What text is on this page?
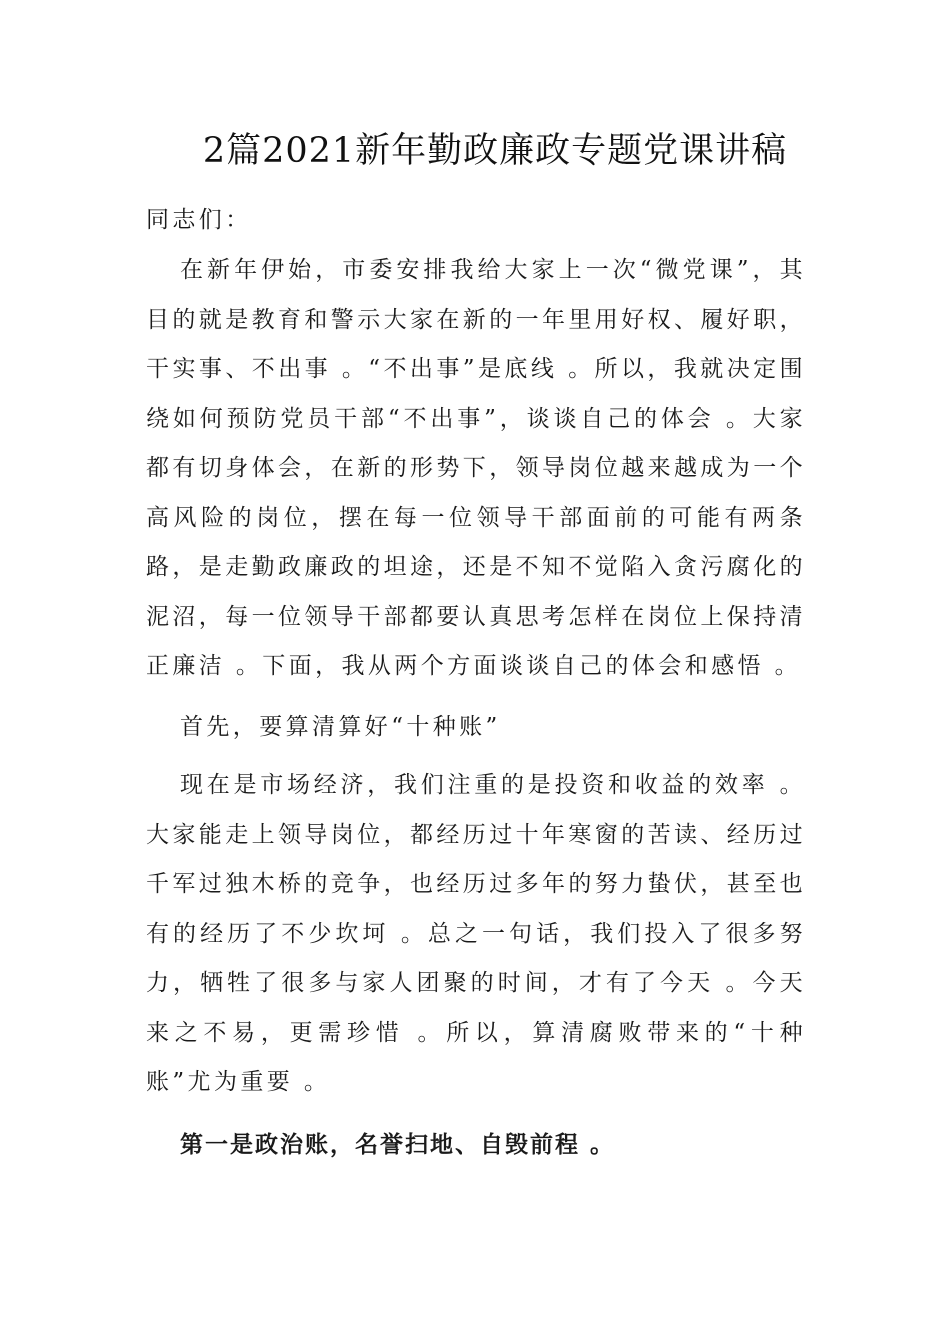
2篇2021新年勤政廉政专题党课讲稿

同志们：

在新年伊始，市委安排我给大家上一次“微党课”，其目的就是教育和警示大家在新的一年里用好权、履好职，干实事、不出事 。“不出事”是底线 。所以，我就决定围绕如何预防党员干部“不出事”，谈谈自己的体会 。大家都有切身体会，在新的形势下，领导岗位越来越成为一个高风险的岗位，摆在每一位领导干部面前的可能有两条路，是走勤政廉政的坦途，还是不知不觉陷入贪污腐化的泥沼，每一位领导干部都要认真思考怎样在岗位上保持清正廉洁 。下面，我从两个方面谈谈自己的体会和感悟 。

首先，要算清算好“十种账”

现在是市场经济，我们注重的是投资和收益的效率 。大家能走上领导岗位，都经历过十年寒窗的苦读、经历过千军过独木桥的竞争，也经历过多年的努力蛰伏，甚至也有的经历了不少坎坷 。总之一句话，我们投入了很多努力，牺牲了很多与家人团聚的时间，才有了今天 。今天来之不易，更需珍惜 。所以，算清腐败带来的“十种账”尤为重要 。

第一是政治账，名誉扫地、自毁前程 。
